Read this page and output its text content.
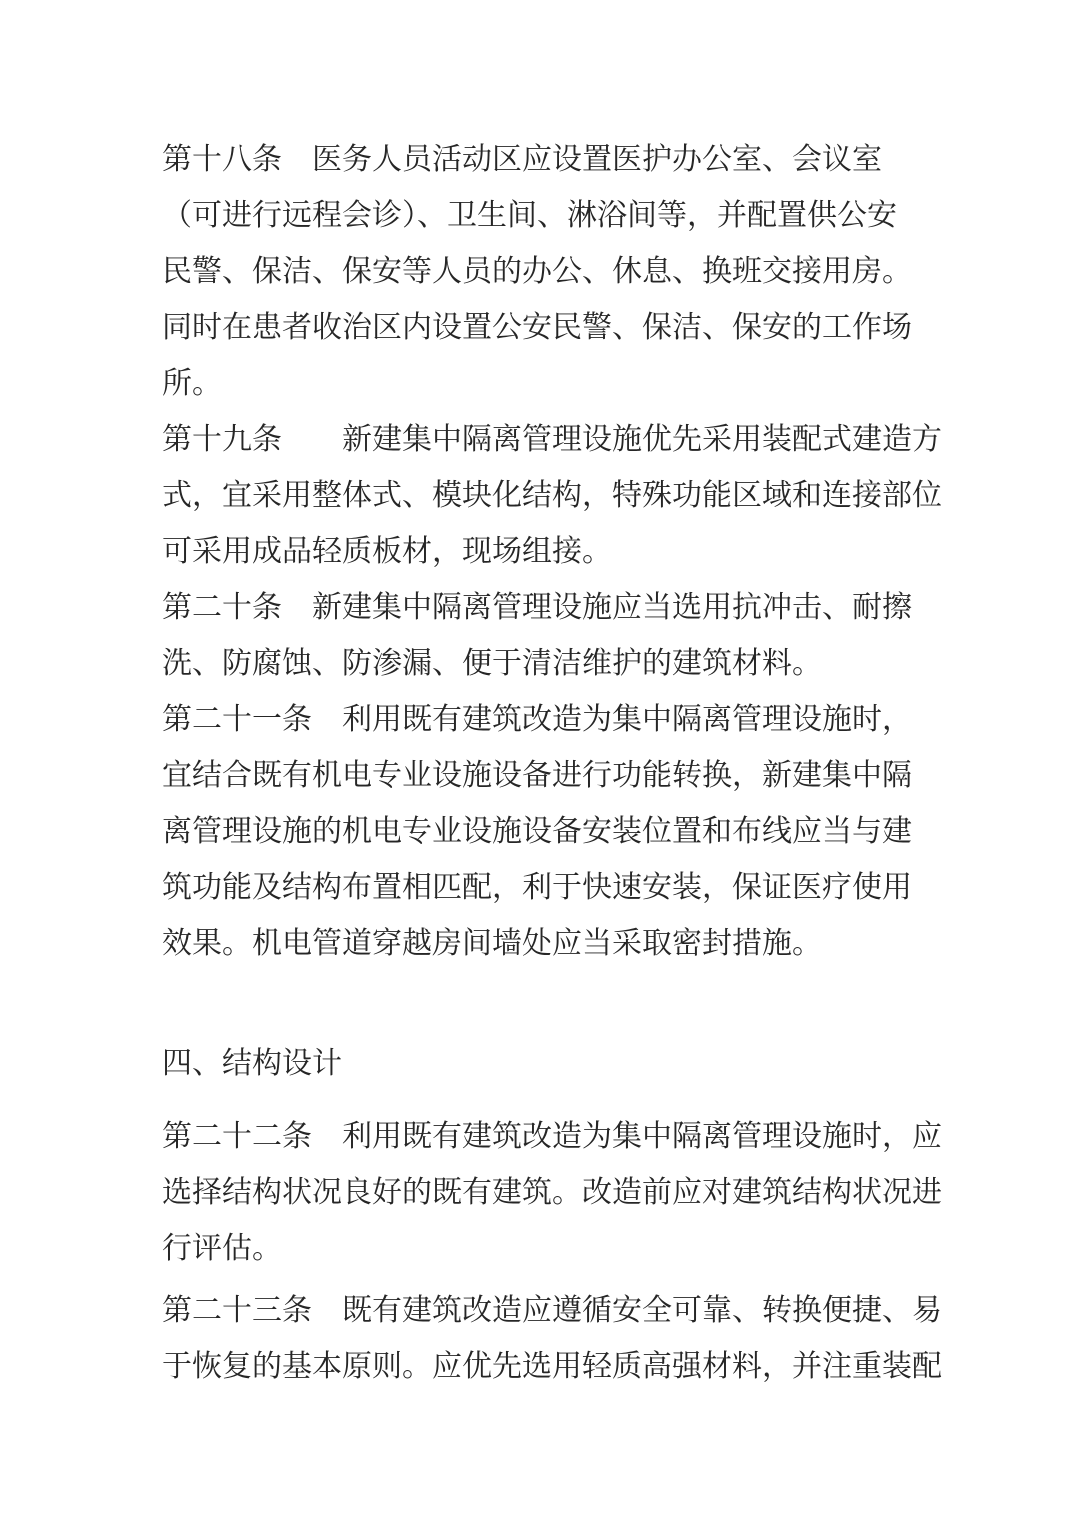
第十八条　医务人员活动区应设置医护办公室、会议室
（可进行远程会诊）、卫生间、淋浴间等，并配置供公安
民警、保洁、保安等人员的办公、休息、换班交接用房。
同时在患者收治区内设置公安民警、保洁、保安的工作场
所。
第十九条　　新建集中隔离管理设施优先采用装配式建造方
式，宜采用整体式、模块化结构，特殊功能区域和连接部位
可采用成品轻质板材，现场组接。
第二十条　新建集中隔离管理设施应当选用抗冲击、耐擦
洗、防腐蚀、防渗漏、便于清洁维护的建筑材料。
第二十一条　利用既有建筑改造为集中隔离管理设施时，
宜结合既有机电专业设施设备进行功能转换，新建集中隔
离管理设施的机电专业设施设备安装位置和布线应当与建
筑功能及结构布置相匹配，利于快速安装，保证医疗使用
效果。机电管道穿越房间墙处应当采取密封措施。
四、结构设计
第二十二条　利用既有建筑改造为集中隔离管理设施时，应
选择结构状况良好的既有建筑。改造前应对建筑结构状况进
行评估。
第二十三条　既有建筑改造应遵循安全可靠、转换便捷、易
于恢复的基本原则。应优先选用轻质高强材料，并注重装配
